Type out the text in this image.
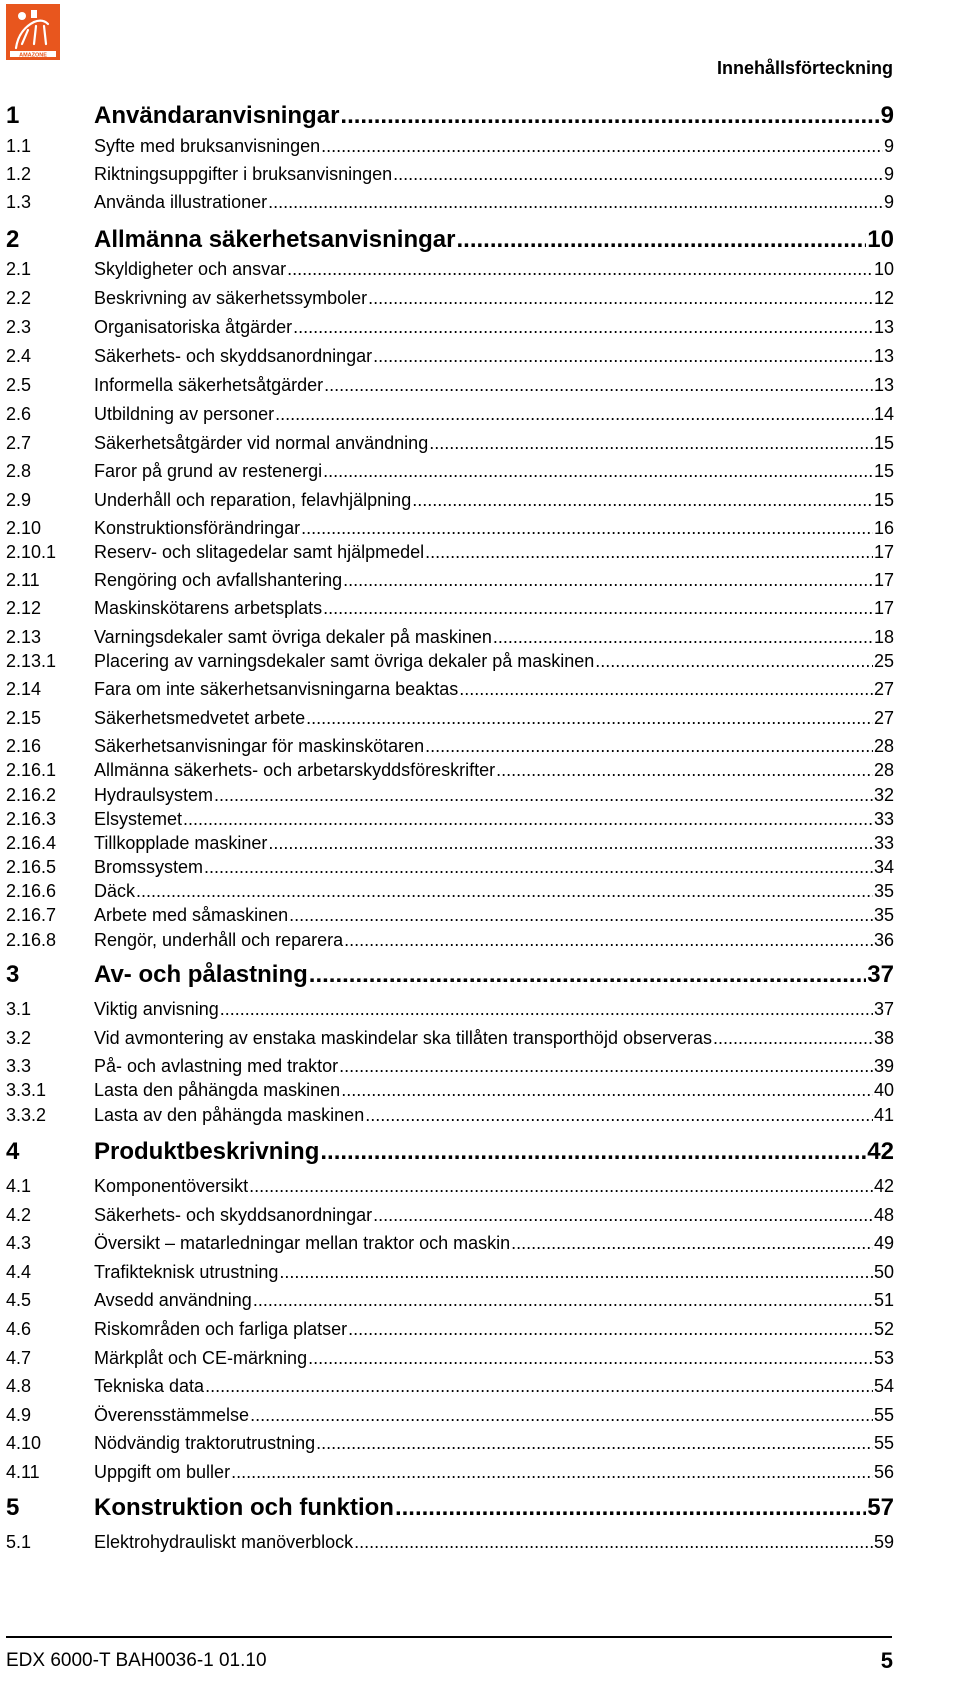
AMAZONE
Innehållsförteckning
1	Användaranvisningar .....	9
1.1	Syfte med bruksanvisningen .....	9
1.2	Riktningsuppgifter i bruksanvisningen .....	9
1.3	Använda illustrationer .....	9
2	Allmänna säkerhetsanvisningar .....	10
2.1	Skyldigheter och ansvar .....	10
2.2	Beskrivning av säkerhetssymboler .....	12
2.3	Organisatoriska åtgärder .....	13
2.4	Säkerhets- och skyddsanordningar .....	13
2.5	Informella säkerhetsåtgärder .....	13
2.6	Utbildning av personer .....	14
2.7	Säkerhetsåtgärder vid normal användning .....	15
2.8	Faror på grund av restenergi .....	15
2.9	Underhåll och reparation, felavhjälpning .....	15
2.10	Konstruktionsförändringar .....	16
2.10.1	Reserv- och slitagedelar samt hjälpmedel .....	17
2.11	Rengöring och avfallshantering .....	17
2.12	Maskinskötarens arbetsplats .....	17
2.13	Varningsdekaler samt övriga dekaler på maskinen .....	18
2.13.1	Placering av varningsdekaler samt övriga dekaler på maskinen .....	25
2.14	Fara om inte säkerhetsanvisningarna beaktas .....	27
2.15	Säkerhetsmedvetet arbete .....	27
2.16	Säkerhetsanvisningar för maskinskötaren .....	28
2.16.1	Allmänna säkerhets- och arbetarskyddsföreskrifter .....	28
2.16.2	Hydraulsystem .....	32
2.16.3	Elsystemet .....	33
2.16.4	Tillkopplade maskiner .....	33
2.16.5	Bromssystem .....	34
2.16.6	Däck .....	35
2.16.7	Arbete med såmaskinen .....	35
2.16.8	Rengör, underhåll och reparera .....	36
3	Av- och pålastning .....	37
3.1	Viktig anvisning .....	37
3.2	Vid avmontering av enstaka maskindelar ska tillåten transporthöjd observeras .....	38
3.3	På- och avlastning med traktor .....	39
3.3.1	Lasta den påhängda maskinen .....	40
3.3.2	Lasta av den påhängda maskinen .....	41
4	Produktbeskrivning .....	42
4.1	Komponentöversikt .....	42
4.2	Säkerhets- och skyddsanordningar .....	48
4.3	Översikt – matarledningar mellan traktor och maskin .....	49
4.4	Trafikteknisk utrustning .....	50
4.5	Avsedd användning .....	51
4.6	Riskområden och farliga platser .....	52
4.7	Märkplåt och CE-märkning .....	53
4.8	Tekniska data .....	54
4.9	Överensstämmelse .....	55
4.10	Nödvändig traktorutrustning .....	55
4.11	Uppgift om buller .....	56
5	Konstruktion och funktion .....	57
5.1	Elektrohydrauliskt manöverblock .....	59
EDX 6000-T BAH0036-1 01.10	5
